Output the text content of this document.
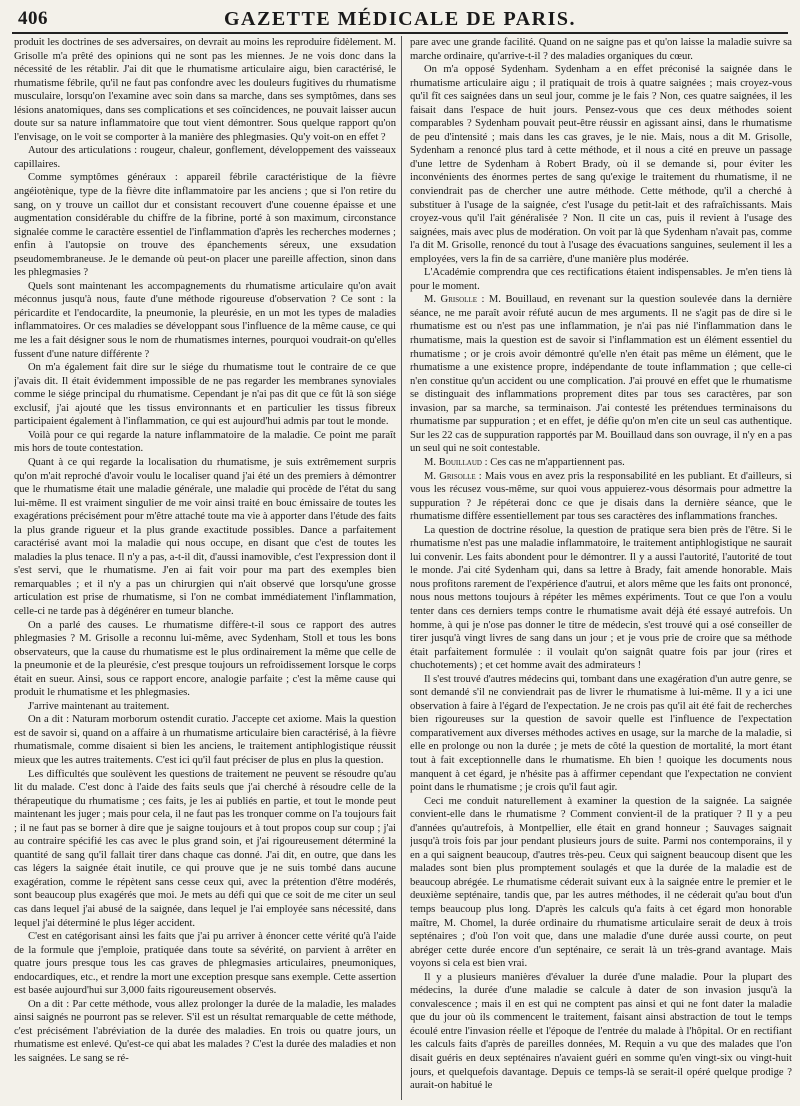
406	GAZETTE MÉDICALE DE PARIS.

produit les doctrines de ses adversaires, on devrait au moins les reproduire fidèlement. M. Grisolle m'a prêté des opinions qui ne sont pas les miennes. Je ne vois donc dans la nécessité de les rétablir. J'ai dit que le rhumatisme articulaire aigu, bien caractérisé, le rhumatisme fébrile, qu'il ne faut pas confondre avec les douleurs fugitives du rhumatisme musculaire, lorsqu'on l'examine avec soin dans sa marche, dans ses symptômes, dans ses lésions anatomiques, dans ses complications et ses coïncidences, ne pouvait laisser aucun doute sur sa nature inflammatoire que tout vient démontrer. Sous quelque rapport qu'on l'envisage, on le voit se comporter à la manière des phlegmasies. Qu'y voit-on en effet ?

Autour des articulations : rougeur, chaleur, gonflement, développement des vaisseaux capillaires.

Comme symptômes généraux : appareil fébrile caractéristique de la fièvre angéiotènique, type de la fièvre dite inflammatoire par les anciens ; que si l'on retire du sang, on y trouve un caillot dur et consistant recouvert d'une couenne épaisse et une augmentation considérable du chiffre de la fibrine, porté à son maximum, circonstance signalée comme le caractère essentiel de l'inflammation d'après les recherches modernes ; enfin à l'autopsie on trouve des épanchements séreux, une exsudation pseudomembraneuse. Je le demande où peut-on placer une pareille affection, sinon dans les phlegmasies ?

Quels sont maintenant les accompagnements du rhumatisme articulaire qu'on avait méconnus jusqu'à nous, faute d'une méthode rigoureuse d'observation ? Ce sont : la péricardite et l'endocardite, la pneumonie, la pleurésie, en un mot les types de maladies inflammatoires. Or ces maladies se développant sous l'influence de la même cause, ce qui me les a fait désigner sous le nom de rhumatismes internes, pourquoi voudrait-on qu'elles fussent d'une nature différente ?

On m'a également fait dire sur le siége du rhumatisme tout le contraire de ce que j'avais dit. Il était évidemment impossible de ne pas regarder les membranes synoviales comme le siége principal du rhumatisme. Cependant je n'ai pas dit que ce fût là son siége exclusif, j'ai ajouté que les tissus environnants et en particulier les tissus fibreux participaient également à l'inflammation, ce qui est aujourd'hui admis par tout le monde.

Voilà pour ce qui regarde la nature inflammatoire de la maladie. Ce point me paraît mis hors de toute contestation.

Quant à ce qui regarde la localisation du rhumatisme, je suis extrêmement surpris qu'on m'ait reproché d'avoir voulu le localiser quand j'ai été un des premiers à démontrer que le rhumatisme était une maladie générale, une maladie qui procède de l'état du sang lui-même. Il est vraiment singulier de me voir ainsi traité en bouc émissaire de toutes les exagérations précisément pour m'être attaché toute ma vie à apporter dans l'étude des faits la plus grande rigueur et la plus grande exactitude possibles. Dance a parfaitement caractérisé avant moi la maladie qui nous occupe, en disant que c'est de toutes les maladies la plus tenace. Il n'y a pas, a-t-il dit, d'aussi inamovible, c'est l'expression dont il s'est servi, que le rhumatisme. J'en ai fait voir pour ma part des exemples bien remarquables ; et il n'y a pas un chirurgien qui n'ait observé que lorsqu'une grosse articulation est prise de rhumatisme, si l'on ne combat immédiatement l'inflammation, celle-ci ne tarde pas à dégénérer en tumeur blanche.

On a parlé des causes. Le rhumatisme diffère-t-il sous ce rapport des autres phlegmasies ? M. Grisolle a reconnu lui-même, avec Sydenham, Stoll et tous les bons observateurs, que la cause du rhumatisme est le plus ordinairement la même que celle de la pneumonie et de la pleurésie, c'est presque toujours un refroidissement lorsque le corps était en sueur. Ainsi, sous ce rapport encore, analogie parfaite ; c'est la même cause qui produit le rhumatisme et les phlegmasies.

J'arrive maintenant au traitement.

On a dit : Naturam morborum ostendit curatio. J'accepte cet axiome. Mais la question est de savoir si, quand on a affaire à un rhumatisme articulaire bien caractérisé, à la fièvre rhumatismale, comme disaient si bien les anciens, le traitement antiphlogistique réussit mieux que les autres traitements. C'est ici qu'il faut préciser de plus en plus la question.

Les difficultés que soulèvent les questions de traitement ne peuvent se résoudre qu'au lit du malade. C'est donc à l'aide des faits seuls que j'ai cherché à résoudre celle de la thérapeutique du rhumatisme ; ces faits, je les ai publiés en partie, et tout le monde peut maintenant les juger ; mais pour cela, il ne faut pas les tronquer comme on l'a toujours fait ; il ne faut pas se borner à dire que je saigne toujours et à tout propos coup sur coup ; j'ai au contraire spécifié les cas avec le plus grand soin, et j'ai rigoureusement déterminé la quantité de sang qu'il fallait tirer dans chaque cas donné. J'ai dit, en outre, que dans les cas légers la saignée était inutile, ce qui prouve que je ne suis tombé dans aucune exagération, comme le répètent sans cesse ceux qui, avec la prétention d'être modérés, sont beaucoup plus exagérés que moi. Je mets au défi qui que ce soit de me citer un seul cas dans lequel j'ai abusé de la saignée, dans lequel je l'ai employée sans nécessité, dans lequel j'ai déterminé le plus léger accident.

C'est en catégorisant ainsi les faits que j'ai pu arriver à énoncer cette vérité qu'à l'aide de la formule que j'emploie, pratiquée dans toute sa sévérité, on parvient à arrêter en quatre jours presque tous les cas graves de phlegmasies articulaires, pneumoniques, endocardiques, etc., et rendre la mort une exception presque sans exemple. Cette assertion est basée aujourd'hui sur 3,000 faits rigoureusement observés.

On a dit : Par cette méthode, vous allez prolonger la durée de la maladie, les malades ainsi saignés ne pourront pas se relever. S'il est un résultat remarquable de cette méthode, c'est précisément l'abréviation de la durée des maladies. En trois ou quatre jours, un rhumatisme est enlevé. Qu'est-ce qui abat les malades ? C'est la durée des maladies et non les saignées. Le sang se ré-

pare avec une grande facilité. Quand on ne saigne pas et qu'on laisse la maladie suivre sa marche ordinaire, qu'arrive-t-il ? des maladies organiques du cœur.

On m'a opposé Sydenham. Sydenham a en effet préconisé la saignée dans le rhumatisme articulaire aigu ; il pratiquait de trois à quatre saignées ; mais croyez-vous qu'il fît ces saignées dans un seul jour, comme je le fais ? Non, ces quatre saignées, il les faisait dans l'espace de huit jours. Pensez-vous que ces deux méthodes soient comparables ? Sydenham pouvait peut-être réussir en agissant ainsi, dans le rhumatisme de peu d'intensité ; mais dans les cas graves, je le nie. Mais, nous a dit M. Grisolle, Sydenham a renoncé plus tard à cette méthode, et il nous a cité en preuve un passage d'une lettre de Sydenham à Robert Brady, où il se demande si, pour éviter les inconvénients des énormes pertes de sang qu'exige le traitement du rhumatisme, il ne conviendrait pas de chercher une autre méthode. Cette méthode, qu'il a cherché à substituer à l'usage de la saignée, c'est l'usage du petit-lait et des rafraîchissants. Mais croyez-vous qu'il l'ait généralisée ? Non. Il cite un cas, puis il revient à l'usage des saignées, mais avec plus de modération. On voit par là que Sydenham n'avait pas, comme l'a dit M. Grisolle, renoncé du tout à l'usage des évacuations sanguines, seulement il les a employées, vers la fin de sa carrière, d'une manière plus modérée.

L'Académie comprendra que ces rectifications étaient indispensables. Je m'en tiens là pour le moment.

M. Grisolle : M. Bouillaud, en revenant sur la question soulevée dans la dernière séance, ne me paraît avoir réfuté aucun de mes arguments. Il ne s'agit pas de dire si le rhumatisme est ou n'est pas une inflammation, je n'ai pas nié l'inflammation dans le rhumatisme, mais la question est de savoir si l'inflammation est un élément essentiel du rhumatisme ; or je crois avoir démontré qu'elle n'en était pas même un élément, que le rhumatisme a une existence propre, indépendante de toute inflammation ; que celle-ci n'en constitue qu'un accident ou une complication. J'ai prouvé en effet que le rhumatisme se distinguait des inflammations proprement dites par tous ses caractères, par son invasion, par sa marche, sa terminaison. J'ai contesté les prétendues terminaisons du rhumatisme par suppuration ; et en effet, je défie qu'on m'en cite un seul cas authentique. Sur les 22 cas de suppuration rapportés par M. Bouillaud dans son ouvrage, il n'y en a pas un seul qui ne soit contestable.

M. Bouillaud : Ces cas ne m'appartiennent pas.

M. Grisolle : Mais vous en avez pris la responsabilité en les publiant. Et d'ailleurs, si vous les récusez vous-même, sur quoi vous appuierez-vous désormais pour admettre la suppuration ? Je répéterai donc ce que je disais dans la dernière séance, que le rhumatisme diffère essentiellement par tous ses caractères des inflammations franches.

La question de doctrine résolue, la question de pratique sera bien près de l'être. Si le rhumatisme n'est pas une maladie inflammatoire, le traitement antiphlogistique ne saurait lui convenir. Les faits abondent pour le démontrer. Il y a aussi l'autorité, l'autorité de tout le monde. J'ai cité Sydenham qui, dans sa lettre à Brady, fait amende honorable. Mais nous profitons rarement de l'expérience d'autrui, et alors même que les faits ont prononcé, nous nous mettons toujours à répéter les mêmes expériments. Tout ce que l'on a voulu tenter dans ces derniers temps contre le rhumatisme avait déjà été essayé autrefois. Un homme, à qui je n'ose pas donner le titre de médecin, s'est trouvé qui a osé conseiller de tirer jusqu'à vingt livres de sang dans un jour ; et je vous prie de croire que sa méthode était parfaitement formulée : il voulait qu'on saignât quatre fois par jour (rires et chuchotements) ; et cet homme avait des admirateurs !

Il s'est trouvé d'autres médecins qui, tombant dans une exagération d'un autre genre, se sont demandé s'il ne conviendrait pas de livrer le rhumatisme à lui-même. Il y a ici une observation à faire à l'égard de l'expectation. Je ne crois pas qu'il ait été fait de recherches bien rigoureuses sur la question de savoir quelle est l'influence de l'expectation comparativement aux diverses méthodes actives en usage, sur la marche de la maladie, si elle en prolonge ou non la durée ; je mets de côté la question de mortalité, la mort étant tout à fait exceptionnelle dans le rhumatisme. Eh bien ! quoique les documents nous manquent à cet égard, je n'hésite pas à affirmer cependant que l'expectation ne convient point dans le rhumatisme ; je crois qu'il faut agir.

Ceci me conduit naturellement à examiner la question de la saignée. La saignée convient-elle dans le rhumatisme ? Comment convient-il de la pratiquer ? Il y a peu d'années qu'autrefois, à Montpellier, elle était en grand honneur ; Sauvages saignait jusqu'à trois fois par jour pendant plusieurs jours de suite. Parmi nos contemporains, il y en a qui saignent beaucoup, d'autres très-peu. Ceux qui saignent beaucoup disent que les malades sont bien plus promptement soulagés et que la durée de la maladie est de beaucoup abrégée. Le rhumatisme céderait suivant eux à la saignée entre le premier et le deuxième septénaire, tandis que, par les autres méthodes, il ne céderait qu'au bout d'un temps beaucoup plus long. D'après les calculs qu'a faits à cet égard mon honorable maître, M. Chomel, la durée ordinaire du rhumatisme articulaire serait de deux à trois septénaires ; d'où l'on voit que, dans une maladie d'une durée aussi courte, on peut abréger cette durée encore d'un septénaire, ce serait là un très-grand avantage. Mais voyons si cela est bien vrai.

Il y a plusieurs manières d'évaluer la durée d'une maladie. Pour la plupart des médecins, la durée d'une maladie se calcule à dater de son invasion jusqu'à la convalescence ; mais il en est qui ne comptent pas ainsi et qui ne font dater la maladie que du jour où ils commencent le traitement, faisant ainsi abstraction de tout le temps écoulé entre l'invasion réelle et l'époque de l'entrée du malade à l'hôpital. Or en rectifiant les calculs faits d'après de pareilles données, M. Requin a vu que des malades que l'on disait guéris en deux septénaires n'avaient guéri en somme qu'en vingt-six ou vingt-huit jours, et quelquefois davantage. Depuis ce temps-là se serait-il opéré quelque prodige ? aurait-on habitué le
